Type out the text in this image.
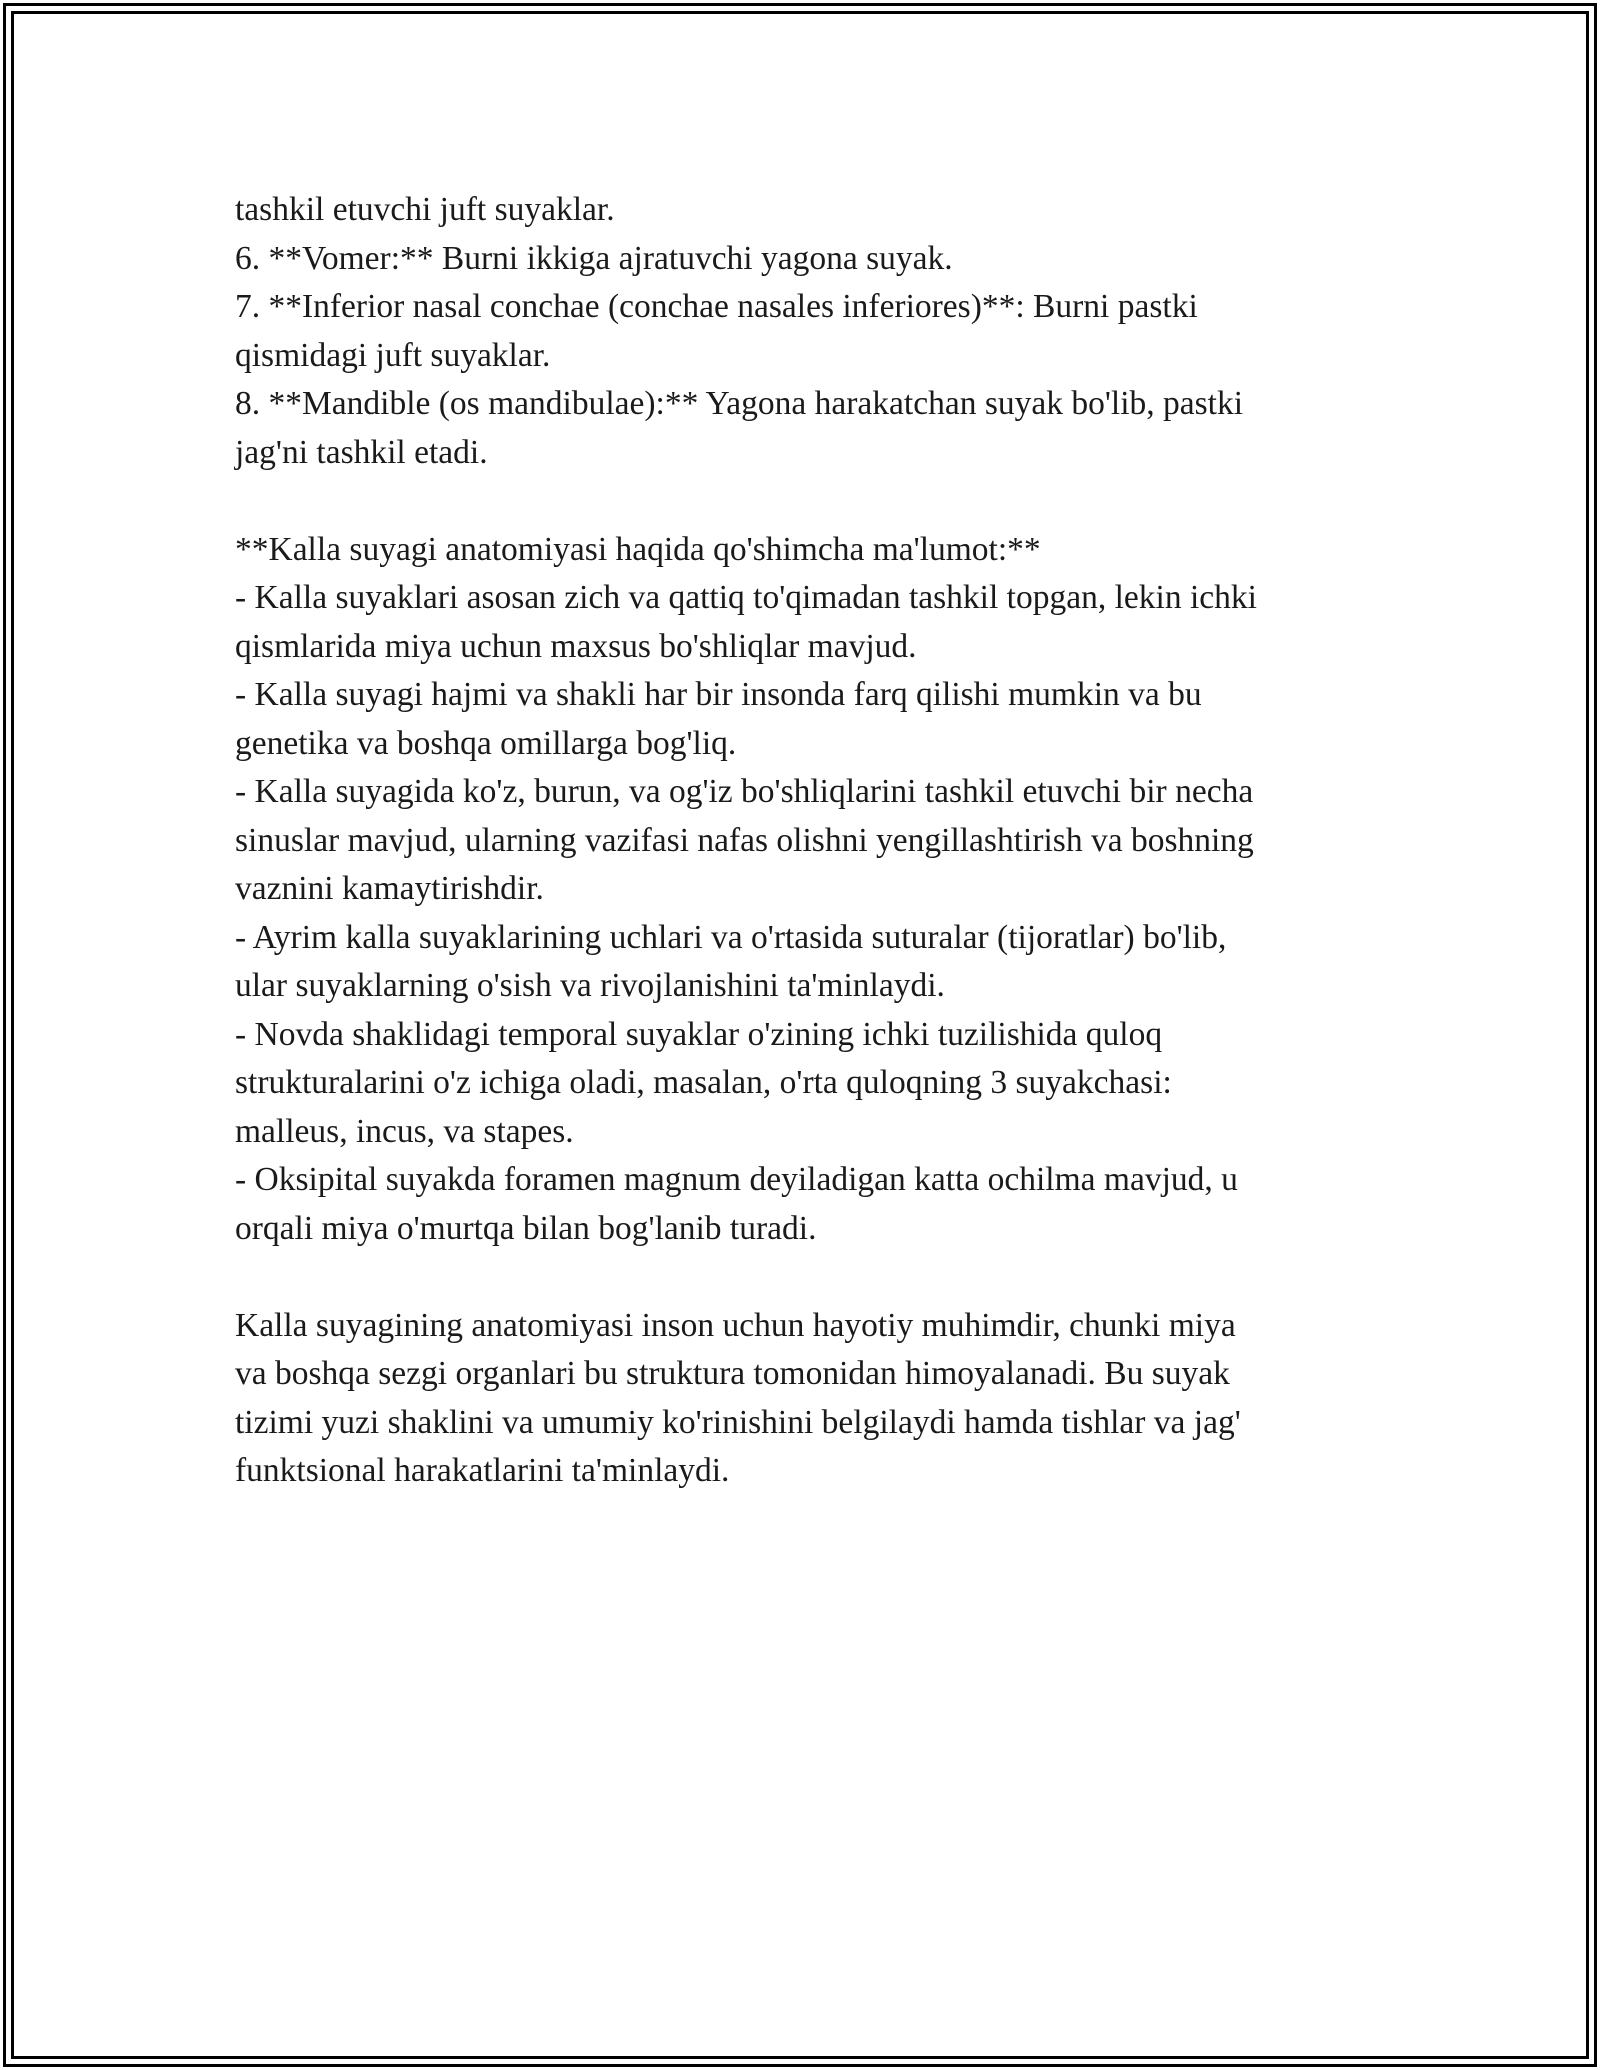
tashkil etuvchi juft suyaklar.
6. **Vomer:** Burni ikkiga ajratuvchi yagona suyak.
7. **Inferior nasal conchae (conchae nasales inferiores)**: Burni pastki
qismidagi juft suyaklar.
8. **Mandible (os mandibulae):** Yagona harakatchan suyak bo'lib, pastki
jag'ni tashkil etadi.
**Kalla suyagi anatomiyasi haqida qo'shimcha ma'lumot:**
- Kalla suyaklari asosan zich va qattiq to'qimadan tashkil topgan, lekin ichki
qismlarida miya uchun maxsus bo'shliqlar mavjud.
- Kalla suyagi hajmi va shakli har bir insonda farq qilishi mumkin va bu
genetika va boshqa omillarga bog'liq.
- Kalla suyagida ko'z, burun, va og'iz bo'shliqlarini tashkil etuvchi bir necha
sinuslar mavjud, ularning vazifasi nafas olishni yengillashtirish va boshning
vaznini kamaytirishdir.
- Ayrim kalla suyaklarining uchlari va o'rtasida suturalar (tijoratlar) bo'lib,
ular suyaklarning o'sish va rivojlanishini ta'minlaydi.
- Novda shaklidagi temporal suyaklar o'zining ichki tuzilishida quloq
strukturalarini o'z ichiga oladi, masalan, o'rta quloqning 3 suyakchasi:
malleus, incus, va stapes.
- Oksipital suyakda foramen magnum deyiladigan katta ochilma mavjud, u
orqali miya o'murtqa bilan bog'lanib turadi.
Kalla suyagining anatomiyasi inson uchun hayotiy muhimdir, chunki miya
va boshqa sezgi organlari bu struktura tomonidan himoyalanadi. Bu suyak
tizimi yuzi shaklini va umumiy ko'rinishini belgilaydi hamda tishlar va jag'
funktsional harakatlarini ta'minlaydi.
